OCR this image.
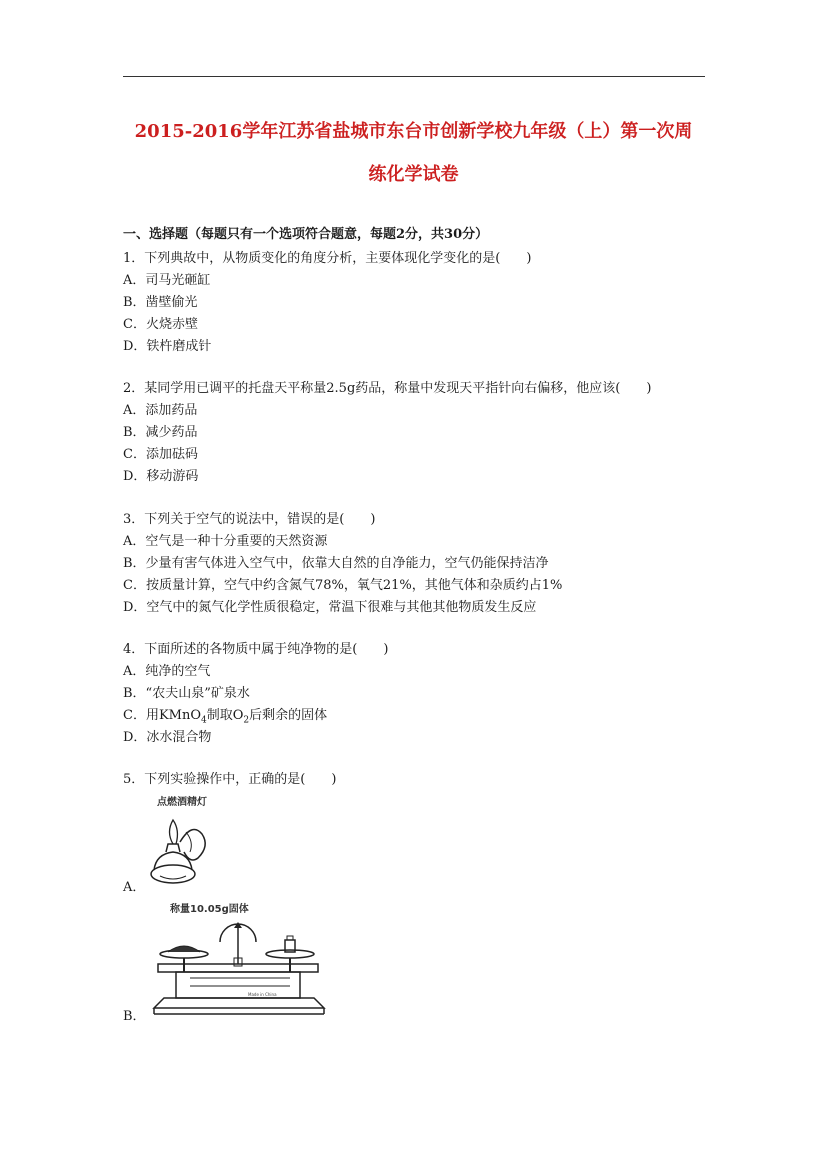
2015-2016学年江苏省盐城市东台市创新学校九年级（上）第一次周
练化学试卷
一、选择题（每题只有一个选项符合题意，每题2分，共30分）
1．下列典故中，从物质变化的角度分析，主要体现化学变化的是(　　)
A．司马光砸缸
B．凿壁偷光
C．火烧赤壁
D．铁杵磨成针
2．某同学用已调平的托盘天平称量2.5g药品，称量中发现天平指针向右偏移，他应该(　　)
A．添加药品
B．减少药品
C．添加砝码
D．移动游码
3．下列关于空气的说法中，错误的是(　　)
A．空气是一种十分重要的天然资源
B．少量有害气体进入空气中，依靠大自然的自净能力，空气仍能保持洁净
C．按质量计算，空气中约含氮气78%，氧气21%，其他气体和杂质约占1%
D．空气中的氮气化学性质很稳定，常温下很难与其他其他物质发生反应
4．下面所述的各物质中属于纯净物的是(　　)
A．纯净的空气
B．“农夫山泉”矿泉水
C．用KMnO$_4$制取$O_2$后剩余的固体
D．冰水混合物
5．下列实验操作中，正确的是(　　)
点燃酒精灯
A．
称量10.05g固体
Made in China
B．
